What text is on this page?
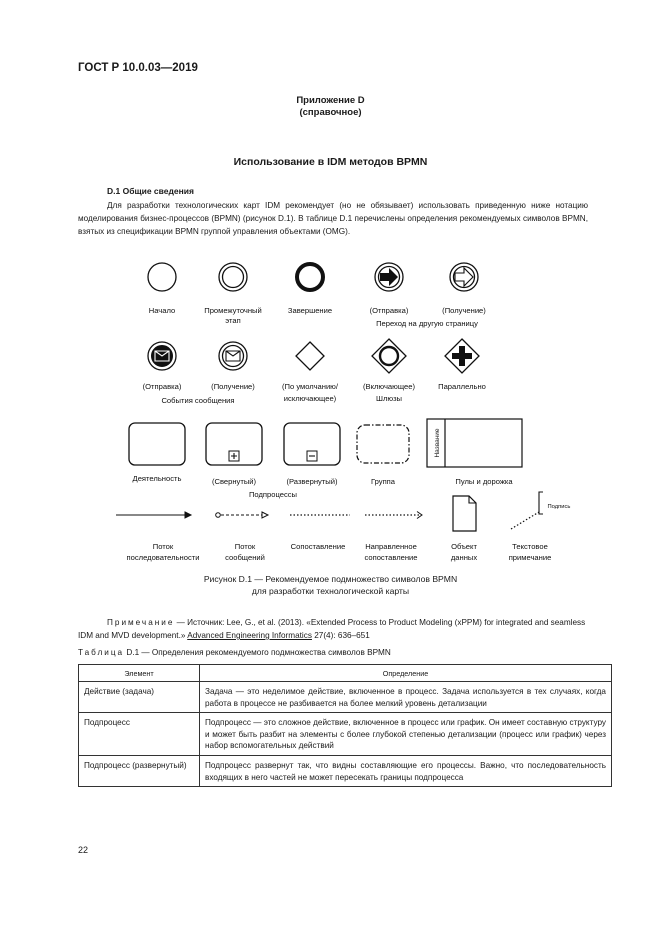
ГОСТ Р 10.0.03—2019
Приложение D
(справочное)
Использование в IDM методов BPMN
D.1 Общие сведения
Для разработки технологических карт IDM рекомендует (но не обязывает) использовать приведенную ниже нотацию моделирования бизнес-процессов (BPMN) (рисунок D.1). В таблице D.1 перечислены определения рекомендуемых символов BPMN, взятых из спецификации BPMN группой управления объектами (OMG).
Начало	Промежуточный
этап
Завершение	(Отправка)	(Получение)
Переход на другую страницу
(Отправка)	(Получение)
События сообщения
(По умолчанию/
исключающее)
(Включающее)
Шлюзы
Параллельно
Деятельность	(Свернутый)	(Развернутый)
Подпроцессы
Группа	Пулы и дорожка
Название
Поток
последовательности
Поток
сообщений
Сопоставление	Направленное
сопоставление
Объект
данных
Текстовое
примечание
Подпись
Рисунок D.1 — Рекомендуемое подмножество символов BPMN
для разработки технологической карты
Примечание — Источник: Lee, G., et al. (2013). «Extended Process to Product Modeling (xPPM) for integrated and seamless IDM and MVD development.» Advanced Engineering Informatics 27(4): 636–651
Таблица D.1 — Определения рекомендуемого подмножества символов BPMN
Элемент	Определение
Действие (задача)	Задача — это неделимое действие, включенное в процесс. Задача используется в тех случаях, когда работа в процессе не разбивается на более мелкий уровень детализации
Подпроцесс	Подпроцесс — это сложное действие, включенное в процесс или график. Он имеет составную структуру и может быть разбит на элементы с более глубокой степенью детализации (процесс или график) через набор вспомогательных действий
Подпроцесс (развернутый)	Подпроцесс развернут так, что видны составляющие его процессы. Важно, что последовательность входящих в него частей не может пересекать границы подпроцесса
22
